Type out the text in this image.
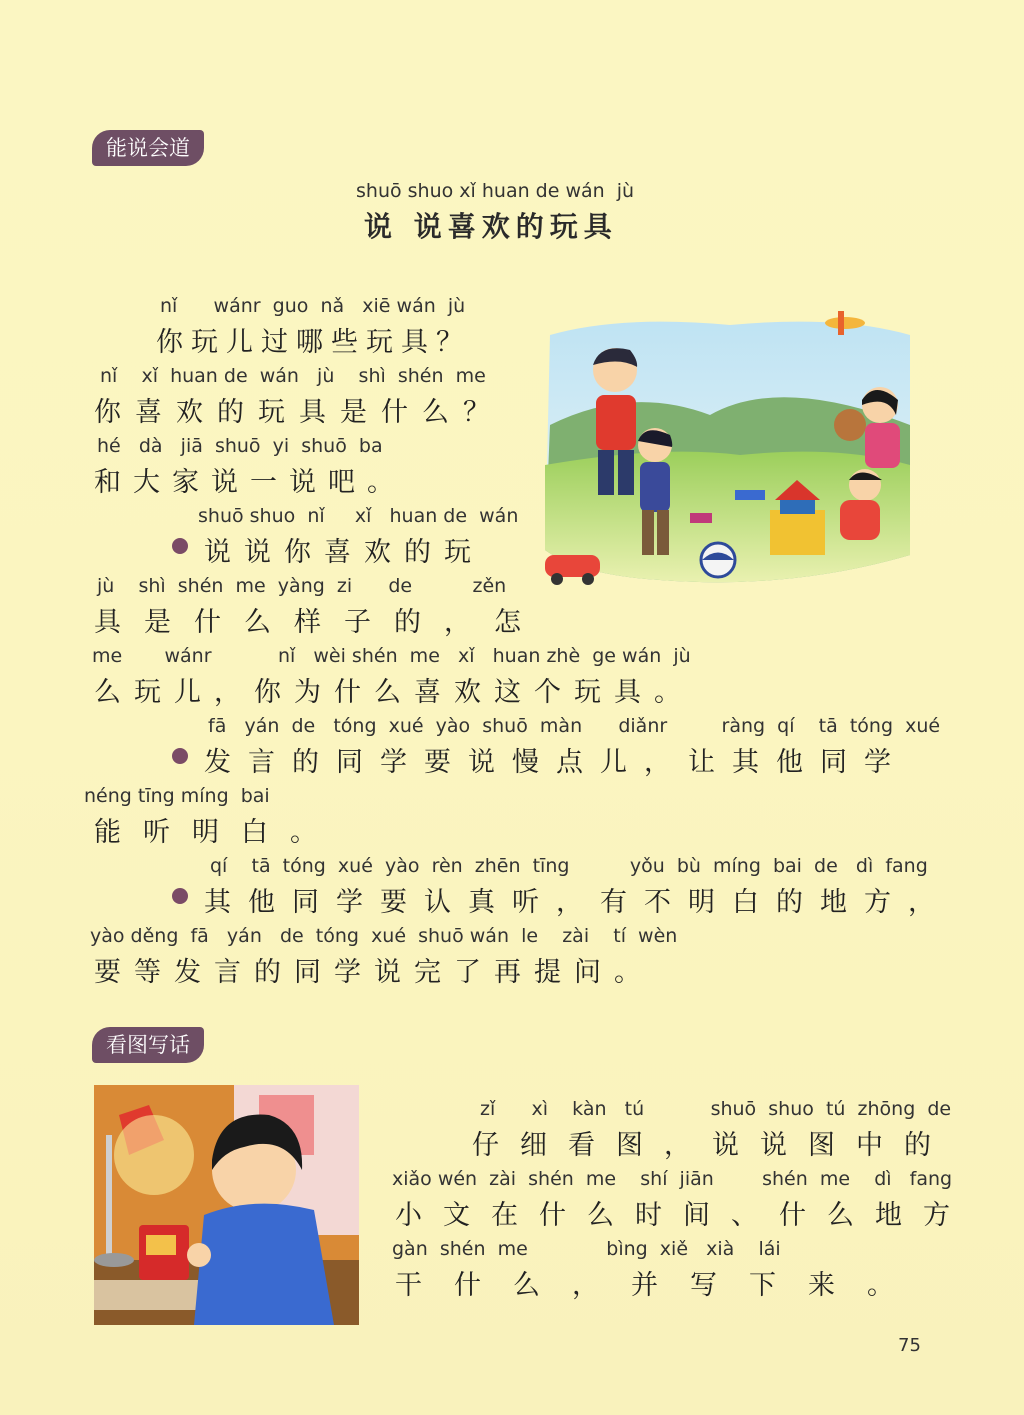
能说会道
shuō shuo xǐ huan de wán  jù
说 说喜欢的玩具
nǐ      wánr  guo  nǎ   xiē wán  jù
你玩儿过哪些玩具？
nǐ    xǐ  huan de  wán   jù    shì  shén  me
你喜欢的玩具是什么？
hé   dà   jiā  shuō  yi  shuō  ba
和大家说一说吧。
shuō shuo  nǐ     xǐ   huan de  wán
说说你喜欢的玩
jù    shì  shén  me  yàng  zi      de          zěn
具是什么样子的，怎
me       wánr           nǐ   wèi shén  me   xǐ   huan zhè  ge wán  jù
么玩儿，你为什么喜欢这个玩具。
fā   yán  de   tóng  xué  yào  shuō  màn      diǎnr         ràng  qí    tā  tóng  xué
发言的同学要说慢点儿，让其他同学
néng tīng míng  bai
能听明白。
qí    tā  tóng  xué  yào  rèn  zhēn  tīng          yǒu  bù  míng  bai  de   dì  fang
其他同学要认真听，有不明白的地方，
yào děng  fā   yán   de  tóng  xué  shuō wán  le    zài    tí  wèn
要等发言的同学说完了再提问。
看图写话
zǐ      xì    kàn   tú           shuō  shuo  tú  zhōng  de
仔细看图，说说图中的
xiǎo wén  zài  shén  me    shí  jiān        shén  me    dì   fang
小文在什么时间、什么地方
gàn  shén  me             bìng  xiě   xià    lái
干什么，并写下来。
75
